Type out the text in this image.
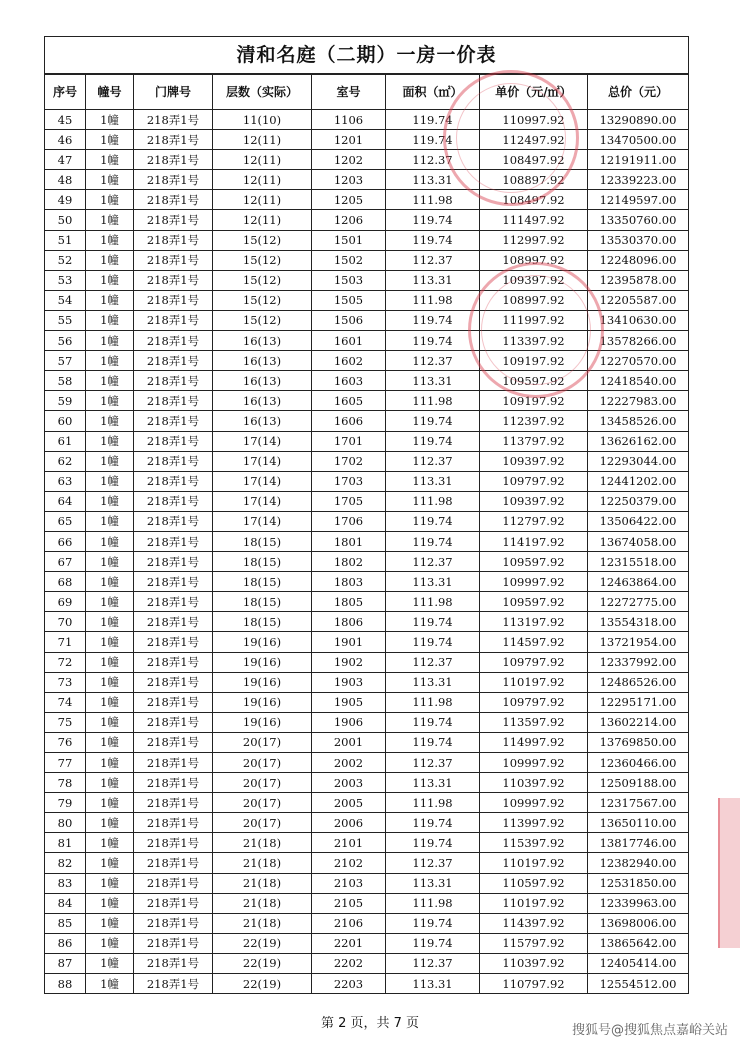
清和名庭（二期）一房一价表							
序号	幢号	门牌号	层数（实际）	室号	面积（㎡）	单价（元/㎡）	总价（元）
45	1幢	218弄1号	11(10)	1106	119.74	110997.92	13290890.00
46	1幢	218弄1号	12(11)	1201	119.74	112497.92	13470500.00
47	1幢	218弄1号	12(11)	1202	112.37	108497.92	12191911.00
48	1幢	218弄1号	12(11)	1203	113.31	108897.92	12339223.00
49	1幢	218弄1号	12(11)	1205	111.98	108497.92	12149597.00
50	1幢	218弄1号	12(11)	1206	119.74	111497.92	13350760.00
51	1幢	218弄1号	15(12)	1501	119.74	112997.92	13530370.00
52	1幢	218弄1号	15(12)	1502	112.37	108997.92	12248096.00
53	1幢	218弄1号	15(12)	1503	113.31	109397.92	12395878.00
54	1幢	218弄1号	15(12)	1505	111.98	108997.92	12205587.00
55	1幢	218弄1号	15(12)	1506	119.74	111997.92	13410630.00
56	1幢	218弄1号	16(13)	1601	119.74	113397.92	13578266.00
57	1幢	218弄1号	16(13)	1602	112.37	109197.92	12270570.00
58	1幢	218弄1号	16(13)	1603	113.31	109597.92	12418540.00
59	1幢	218弄1号	16(13)	1605	111.98	109197.92	12227983.00
60	1幢	218弄1号	16(13)	1606	119.74	112397.92	13458526.00
61	1幢	218弄1号	17(14)	1701	119.74	113797.92	13626162.00
62	1幢	218弄1号	17(14)	1702	112.37	109397.92	12293044.00
63	1幢	218弄1号	17(14)	1703	113.31	109797.92	12441202.00
64	1幢	218弄1号	17(14)	1705	111.98	109397.92	12250379.00
65	1幢	218弄1号	17(14)	1706	119.74	112797.92	13506422.00
66	1幢	218弄1号	18(15)	1801	119.74	114197.92	13674058.00
67	1幢	218弄1号	18(15)	1802	112.37	109597.92	12315518.00
68	1幢	218弄1号	18(15)	1803	113.31	109997.92	12463864.00
69	1幢	218弄1号	18(15)	1805	111.98	109597.92	12272775.00
70	1幢	218弄1号	18(15)	1806	119.74	113197.92	13554318.00
71	1幢	218弄1号	19(16)	1901	119.74	114597.92	13721954.00
72	1幢	218弄1号	19(16)	1902	112.37	109797.92	12337992.00
73	1幢	218弄1号	19(16)	1903	113.31	110197.92	12486526.00
74	1幢	218弄1号	19(16)	1905	111.98	109797.92	12295171.00
75	1幢	218弄1号	19(16)	1906	119.74	113597.92	13602214.00
76	1幢	218弄1号	20(17)	2001	119.74	114997.92	13769850.00
77	1幢	218弄1号	20(17)	2002	112.37	109997.92	12360466.00
78	1幢	218弄1号	20(17)	2003	113.31	110397.92	12509188.00
79	1幢	218弄1号	20(17)	2005	111.98	109997.92	12317567.00
80	1幢	218弄1号	20(17)	2006	119.74	113997.92	13650110.00
81	1幢	218弄1号	21(18)	2101	119.74	115397.92	13817746.00
82	1幢	218弄1号	21(18)	2102	112.37	110197.92	12382940.00
83	1幢	218弄1号	21(18)	2103	113.31	110597.92	12531850.00
84	1幢	218弄1号	21(18)	2105	111.98	110197.92	12339963.00
85	1幢	218弄1号	21(18)	2106	119.74	114397.92	13698006.00
86	1幢	218弄1号	22(19)	2201	119.74	115797.92	13865642.00
87	1幢	218弄1号	22(19)	2202	112.37	110397.92	12405414.00
88	1幢	218弄1号	22(19)	2203	113.31	110797.92	12554512.00
第 2 页，共 7 页	搜狐号@搜狐焦点嘉峪关站
